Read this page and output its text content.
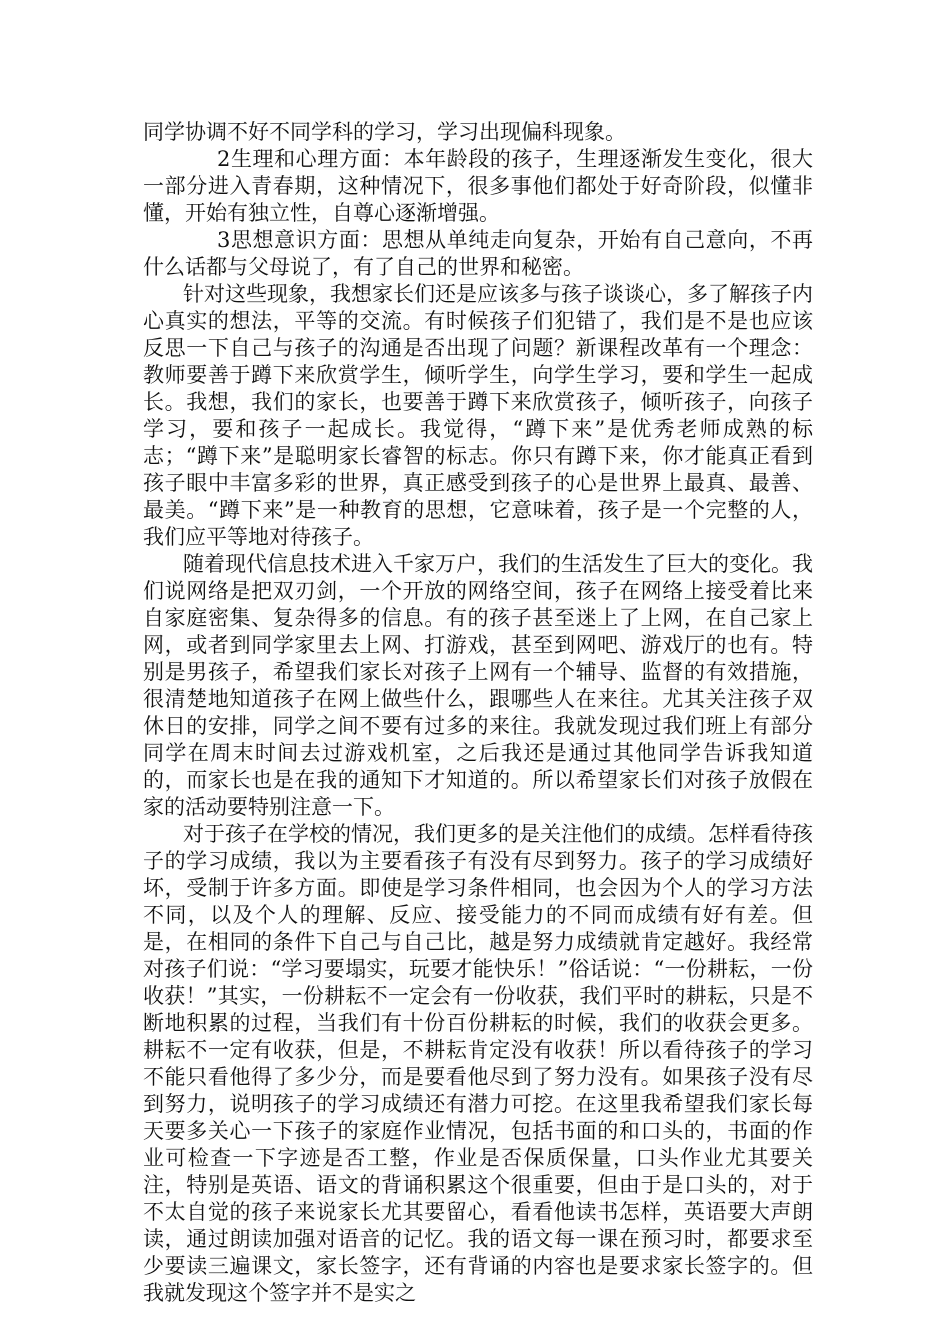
同学协调不好不同学科的学习，学习出现偏科现象。

2生理和心理方面：本年龄段的孩子，生理逐渐发生变化，很大一部分进入青春期，这种情况下，很多事他们都处于好奇阶段，似懂非懂，开始有独立性，自尊心逐渐增强。

3思想意识方面：思想从单纯走向复杂，开始有自己意向，不再什么话都与父母说了，有了自己的世界和秘密。

针对这些现象，我想家长们还是应该多与孩子谈谈心，多了解孩子内心真实的想法，平等的交流。有时候孩子们犯错了，我们是不是也应该反思一下自己与孩子的沟通是否出现了问题？新课程改革有一个理念：教师要善于蹲下来欣赏学生，倾听学生，向学生学习，要和学生一起成长。我想，我们的家长，也要善于蹲下来欣赏孩子，倾听孩子，向孩子学习，要和孩子一起成长。我觉得，“蹲下来”是优秀老师成熟的标志；“蹲下来”是聪明家长睿智的标志。你只有蹲下来，你才能真正看到孩子眼中丰富多彩的世界，真正感受到孩子的心是世界上最真、最善、最美。“蹲下来”是一种教育的思想，它意味着，孩子是一个完整的人，我们应平等地对待孩子。

随着现代信息技术进入千家万户，我们的生活发生了巨大的变化。我们说网络是把双刃剑，一个开放的网络空间，孩子在网络上接受着比来自家庭密集、复杂得多的信息。有的孩子甚至迷上了上网，在自己家上网，或者到同学家里去上网、打游戏，甚至到网吧、游戏厅的也有。特别是男孩子，希望我们家长对孩子上网有一个辅导、监督的有效措施，很清楚地知道孩子在网上做些什么，跟哪些人在来往。尤其关注孩子双休日的安排，同学之间不要有过多的来往。我就发现过我们班上有部分同学在周末时间去过游戏机室，之后我还是通过其他同学告诉我知道的，而家长也是在我的通知下才知道的。所以希望家长们对孩子放假在家的活动要特别注意一下。

对于孩子在学校的情况，我们更多的是关注他们的成绩。怎样看待孩子的学习成绩，我以为主要看孩子有没有尽到努力。孩子的学习成绩好坏，受制于许多方面。即使是学习条件相同，也会因为个人的学习方法不同，以及个人的理解、反应、接受能力的不同而成绩有好有差。但是，在相同的条件下自己与自己比，越是努力成绩就肯定越好。我经常对孩子们说：“学习要塌实，玩要才能快乐！”俗话说：“一份耕耘，一份收获！”其实，一份耕耘不一定会有一份收获，我们平时的耕耘，只是不断地积累的过程，当我们有十份百份耕耘的时候，我们的收获会更多。耕耘不一定有收获，但是，不耕耘肯定没有收获！所以看待孩子的学习不能只看他得了多少分，而是要看他尽到了努力没有。如果孩子没有尽到努力，说明孩子的学习成绩还有潜力可挖。在这里我希望我们家长每天要多关心一下孩子的家庭作业情况，包括书面的和口头的，书面的作业可检查一下字迹是否工整，作业是否保质保量，口头作业尤其要关注，特别是英语、语文的背诵积累这个很重要，但由于是口头的，对于不太自觉的孩子来说家长尤其要留心，看看他读书怎样，英语要大声朗读，通过朗读加强对语音的记忆。我的语文每一课在预习时，都要求至少要读三遍课文，家长签字，还有背诵的内容也是要求家长签字的。但我就发现这个签字并不是实之
